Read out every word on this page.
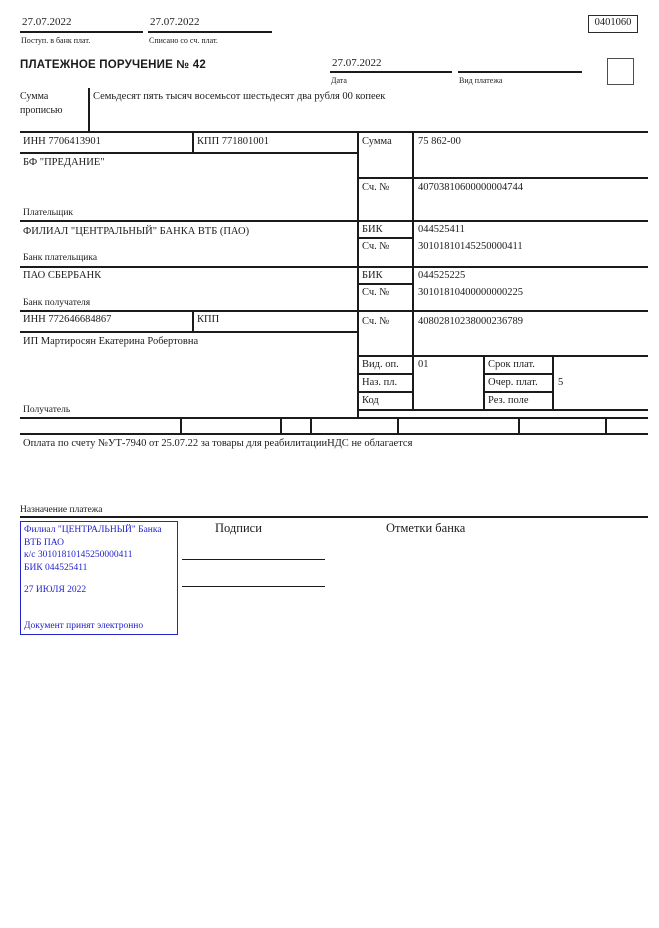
27.07.2022
Поступ. в банк плат.
27.07.2022
Списано со сч. плат.
0401060
ПЛАТЕЖНОЕ ПОРУЧЕНИЕ № 42	27.07.2022
Дата	Вид платежа
Сумма прописью
Семьдесят пять тысяч восемьсот шестьдесят два рубля 00 копеек
ИНН 7706413901	КПП 771801001
БФ "ПРЕДАНИЕ"
Плательщик
Сумма	75 862-00
Сч. №	40703810600000004744
ФИЛИАЛ "ЦЕНТРАЛЬНЫЙ" БАНКА ВТБ (ПАО)
Банк плательщика
БИК	044525411
Сч. №	30101810145250000411
ПАО СБЕРБАНК
Банк получателя
БИК	044525225
Сч. №	30101810400000000225
ИНН 772646684867	КПП
ИП Мартиросян Екатерина Робертовна
Получатель
Сч. №	40802810238000236789
Вид. оп. 01	Срок плат.
Наз. пл.	Очер. плат. 5
Код	Рез. поле
Оплата по счету №УТ-7940 от 25.07.22 за товары для реабилитацииНДС не облагается
Назначение платежа
Филиал "ЦЕНТРАЛЬНЫЙ" Банка
ВТБ ПАО
к/с 30101810145250000411
БИК 044525411
27 ИЮЛЯ 2022
Документ принят электронно
Подписи	Отметки банка
